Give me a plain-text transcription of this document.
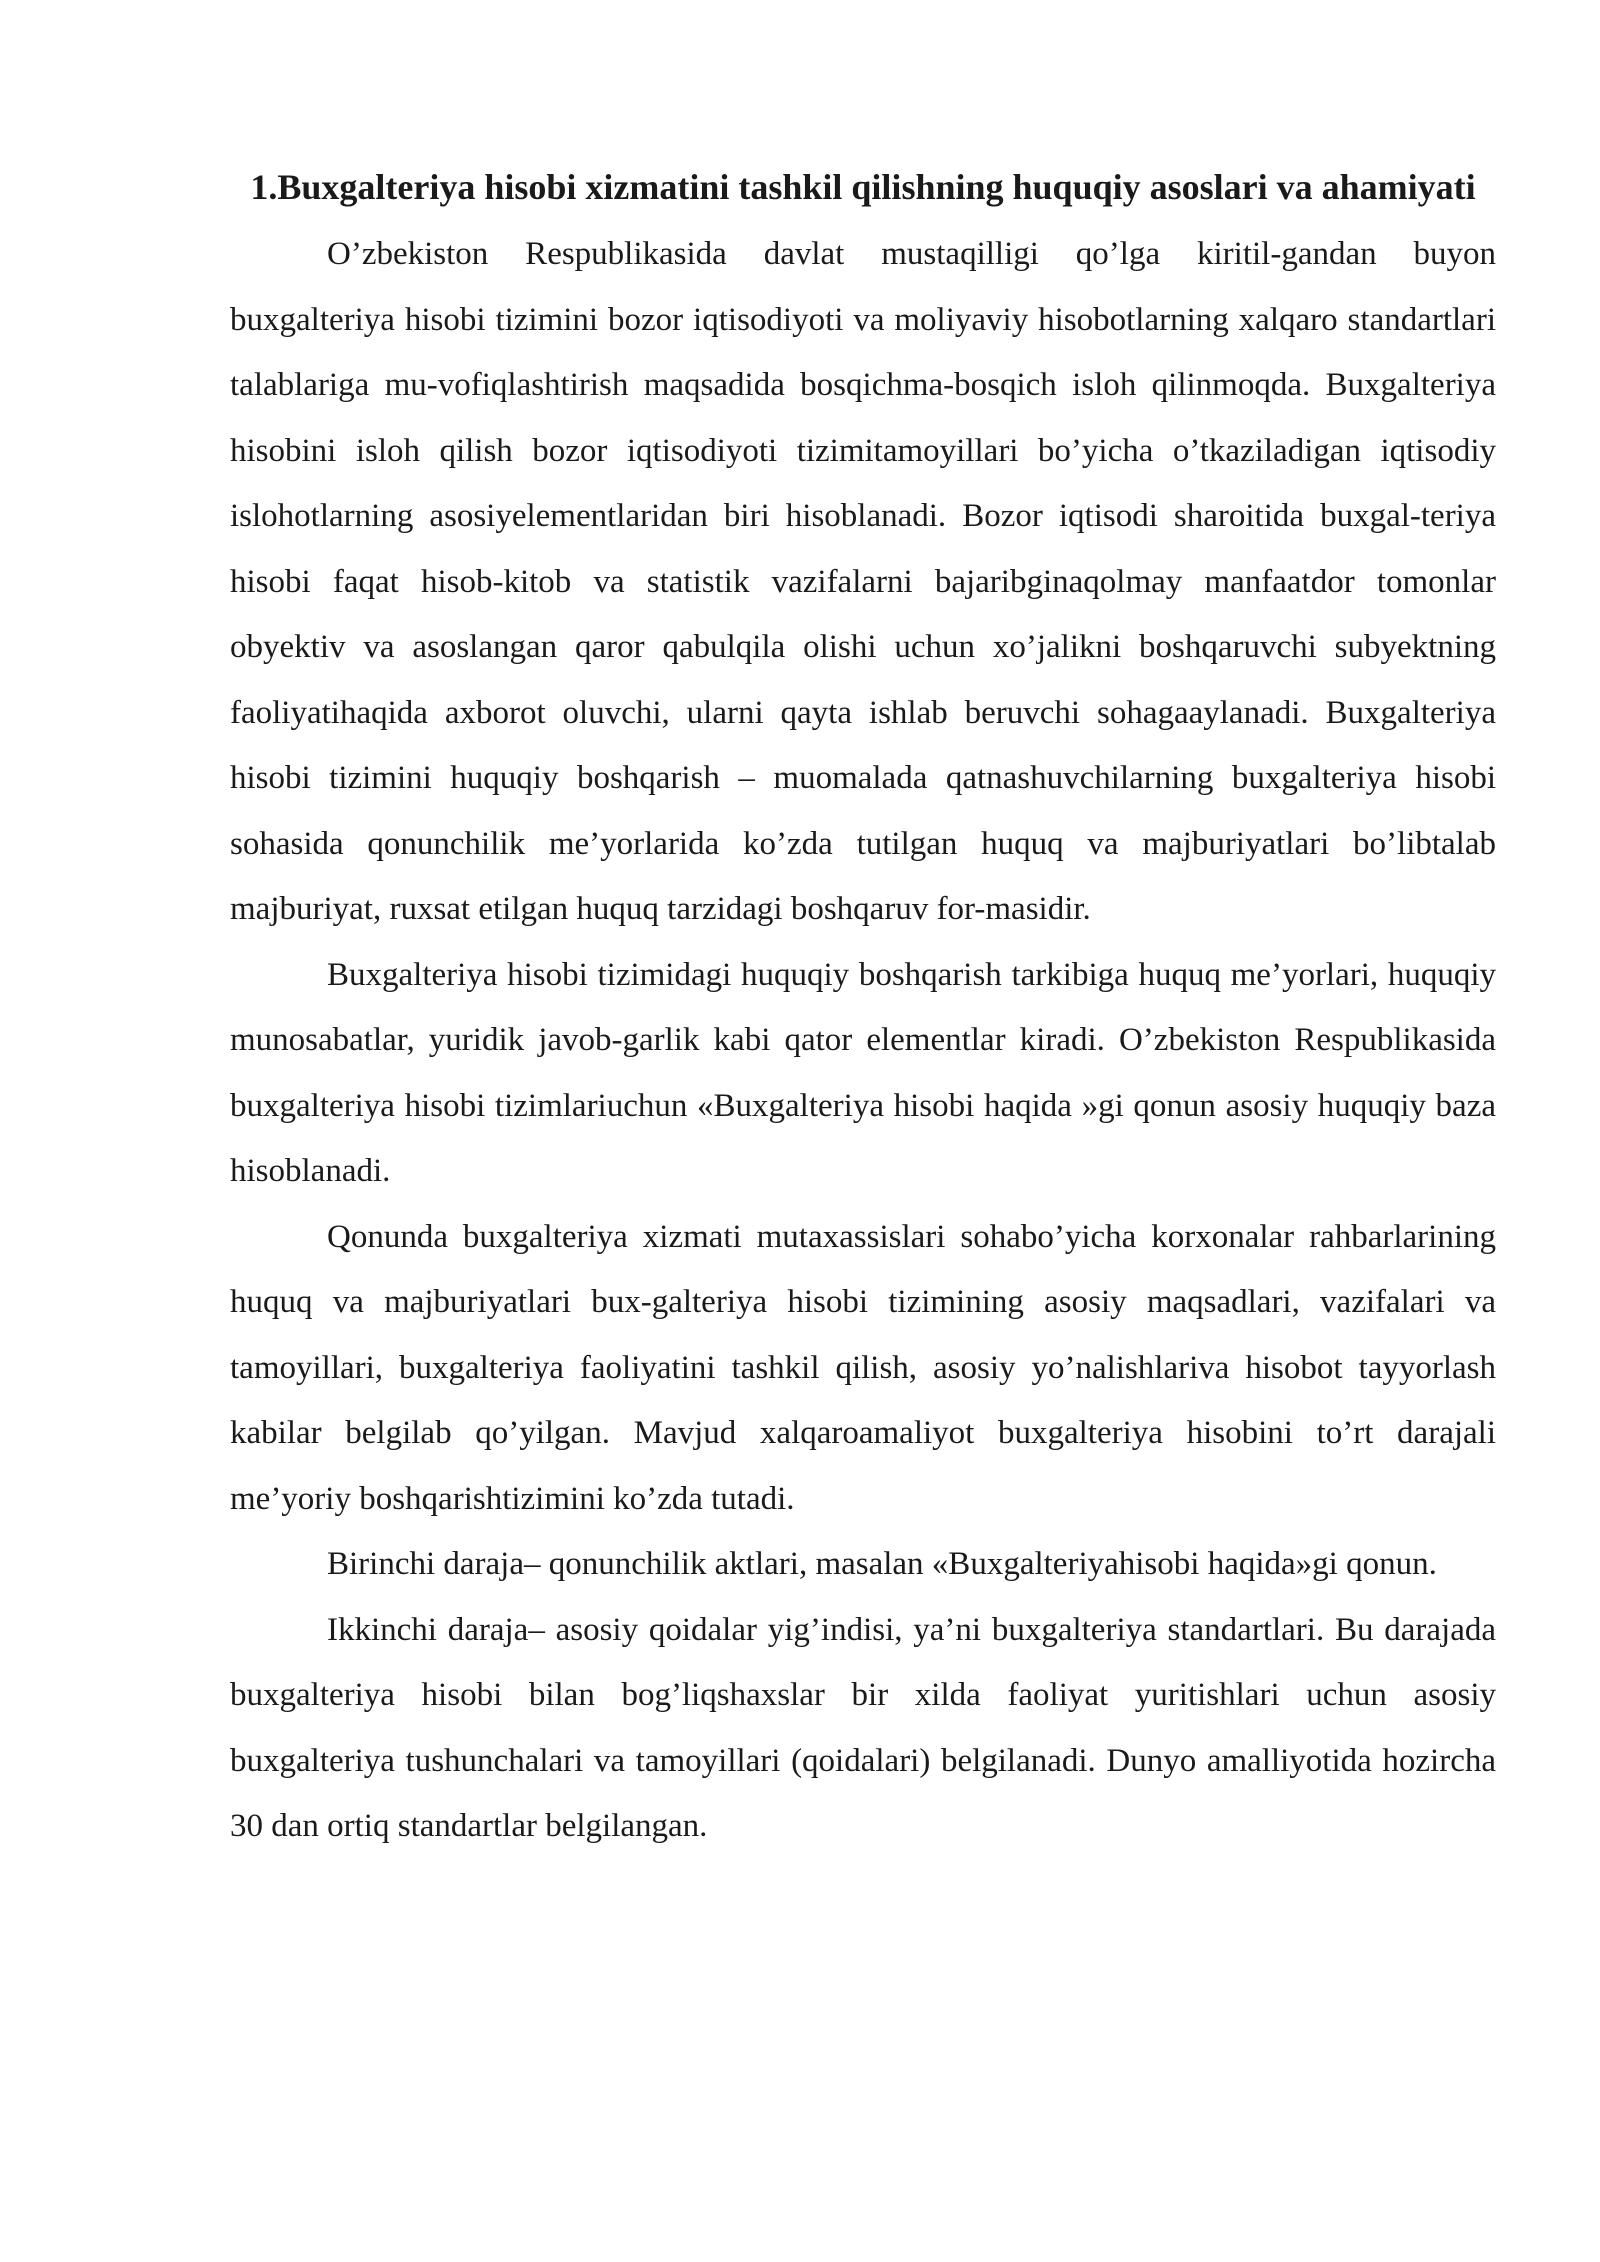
1.Buxgalteriya hisobi xizmatini tashkil qilishning huquqiy asoslari va ahamiyati

O’zbekiston Respublikasida davlat mustaqilligi qo’lga kiritil-gandan buyon buxgalteriya hisobi tizimini bozor iqtisodiyoti va moliyaviy hisobotlarning xalqaro standartlari talablariga mu-vofiqlashtirish maqsadida bosqichma-bosqich isloh qilinmoqda. Buxgalteriya hisobini isloh qilish bozor iqtisodiyoti tizimitamoyillari bo’yicha o’tkaziladigan iqtisodiy islohotlarning asosiyelementlaridan biri hisoblanadi. Bozor iqtisodi sharoitida buxgal-teriya hisobi faqat hisob-kitob va statistik vazifalarni bajaribginaqolmay manfaatdor tomonlar obyektiv va asoslangan qaror qabulqila olishi uchun xo’jalikni boshqaruvchi subyektning faoliyatihaqida axborot oluvchi, ularni qayta ishlab beruvchi sohagaaylanadi. Buxgalteriya hisobi tizimini huquqiy boshqarish – muomalada qatnashuvchilarning buxgalteriya hisobi sohasida qonunchilik me’yorlarida ko’zda tutilgan huquq va majburiyatlari bo’libtalab majburiyat, ruxsat etilgan huquq tarzidagi boshqaruv for-masidir.

Buxgalteriya hisobi tizimidagi huquqiy boshqarish tarkibiga huquq me’yorlari, huquqiy munosabatlar, yuridik javob-garlik kabi qator elementlar kiradi. O’zbekiston Respublikasida buxgalteriya hisobi tizimlariuchun «Buxgalteriya hisobi haqida »gi qonun asosiy huquqiy baza hisoblanadi.

Qonunda buxgalteriya xizmati mutaxassislari sohabo’yicha korxonalar rahbarlarining huquq va majburiyatlari bux-galteriya hisobi tizimining asosiy maqsadlari, vazifalari va tamoyillari, buxgalteriya faoliyatini tashkil qilish, asosiy yo’nalishlariva hisobot tayyorlash kabilar belgilab qo’yilgan. Mavjud xalqaroamaliyot buxgalteriya hisobini to’rt darajali me’yoriy boshqarishtizimini ko’zda tutadi.

Birinchi daraja– qonunchilik aktlari, masalan «Buxgalteriyahisobi haqida»gi qonun.

Ikkinchi daraja– asosiy qoidalar yig’indisi, ya’ni buxgalteriya standartlari. Bu darajada buxgalteriya hisobi bilan bog’liqshaxslar bir xilda faoliyat yuritishlari uchun asosiy buxgalteriya tushunchalari va tamoyillari (qoidalari) belgilanadi. Dunyo amalliyotida hozircha 30 dan ortiq standartlar belgilangan.
